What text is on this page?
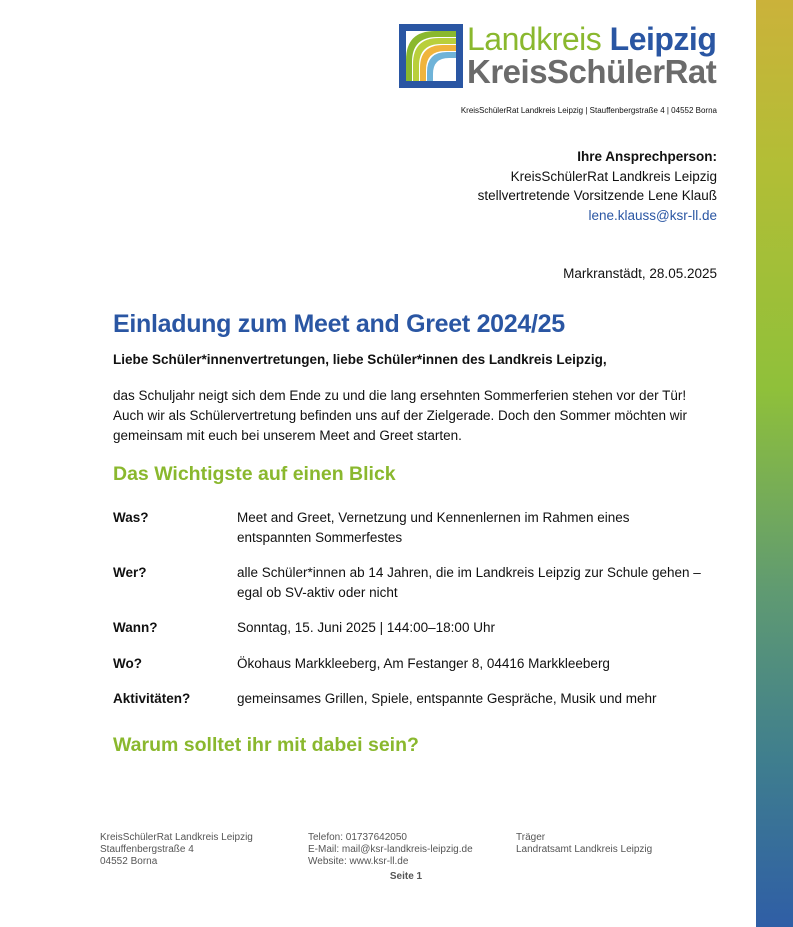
Landkreis Leipzig
KreisSchülerRat
KreisSchülerRat Landkreis Leipzig | Stauffenbergstraße 4 | 04552 Borna
Ihre Ansprechperson:
KreisSchülerRat Landkreis Leipzig
stellvertretende Vorsitzende Lene Klauß
lene.klauss@ksr-ll.de
Markranstädt, 28.05.2025
Einladung zum Meet and Greet 2024/25
Liebe Schüler*innenvertretungen, liebe Schüler*innen des Landkreis Leipzig,
das Schuljahr neigt sich dem Ende zu und die lang ersehnten Sommerferien stehen vor der Tür! Auch wir als Schülervertretung befinden uns auf der Zielgerade. Doch den Sommer möchten wir gemeinsam mit euch bei unserem Meet and Greet starten.
Das Wichtigste auf einen Blick
Was?	Meet and Greet, Vernetzung und Kennenlernen im Rahmen eines entspannten Sommerfestes
Wer?	alle Schüler*innen ab 14 Jahren, die im Landkreis Leipzig zur Schule gehen – egal ob SV-aktiv oder nicht
Wann?	Sonntag, 15. Juni 2025 | 144:00–18:00 Uhr
Wo?	Ökohaus Markkleeberg, Am Festanger 8, 04416 Markkleeberg
Aktivitäten?	gemeinsames Grillen, Spiele, entspannte Gespräche, Musik und mehr
Warum solltet ihr mit dabei sein?
KreisSchülerRat Landkreis Leipzig
Stauffenbergstraße 4
04552 Borna
Telefon: 01737642050
E-Mail: mail@ksr-landkreis-leipzig.de
Website: www.ksr-ll.de
Träger
Landratsamt Landkreis Leipzig
Seite 1
